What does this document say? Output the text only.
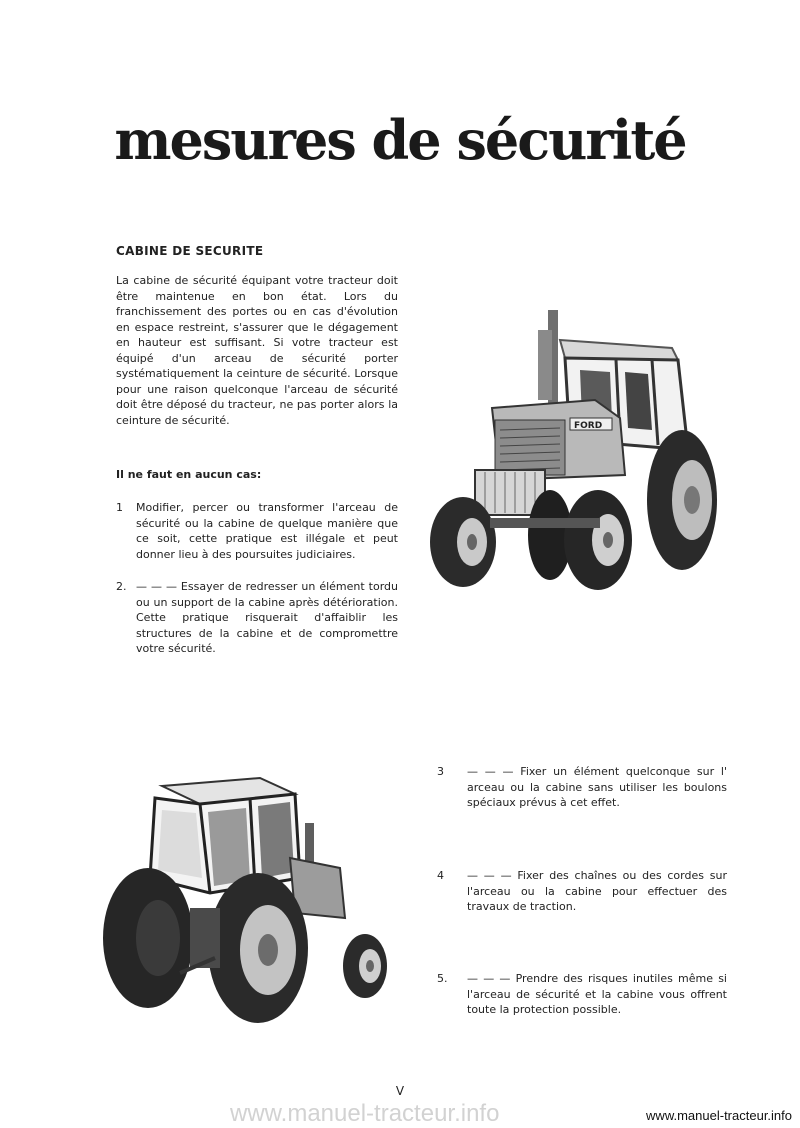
mesures de sécurité
CABINE DE SECURITE

La cabine de sécurité équipant votre tracteur doit être maintenue en bon état. Lors du franchissement des portes ou en cas d'évolution en espace restreint, s'assurer que le dégagement en hauteur est suffisant. Si votre tracteur est équipé d'un arceau de sécurité porter systématiquement la ceinture de sécurité. Lorsque pour une raison quelconque l'arceau de sécurité doit être déposé du tracteur, ne pas porter alors la ceinture de sécurité.

Il ne faut en aucun cas:
1 Modifier, percer ou transformer l'arceau de sécurité ou la cabine de quelque manière que ce soit, cette pratique est illégale et peut donner lieu à des poursuites judiciaires.
2. — — — Essayer de redresser un élément tordu ou un support de la cabine après détérioration. Cette pratique risquerait d'affaiblir les structures de la cabine et de compromettre votre sécurité.
3 — — — Fixer un élément quelconque sur l' arceau ou la cabine sans utiliser les boulons spéciaux prévus à cet effet.
4 — — — Fixer des chaînes ou des cordes sur l'arceau ou la cabine pour effectuer des travaux de traction.
5. — — — Prendre des risques inutiles même si l'arceau de sécurité et la cabine vous offrent toute la protection possible.
FORD

V

www.manuel-tracteur.info	www.manuel-tracteur.info
